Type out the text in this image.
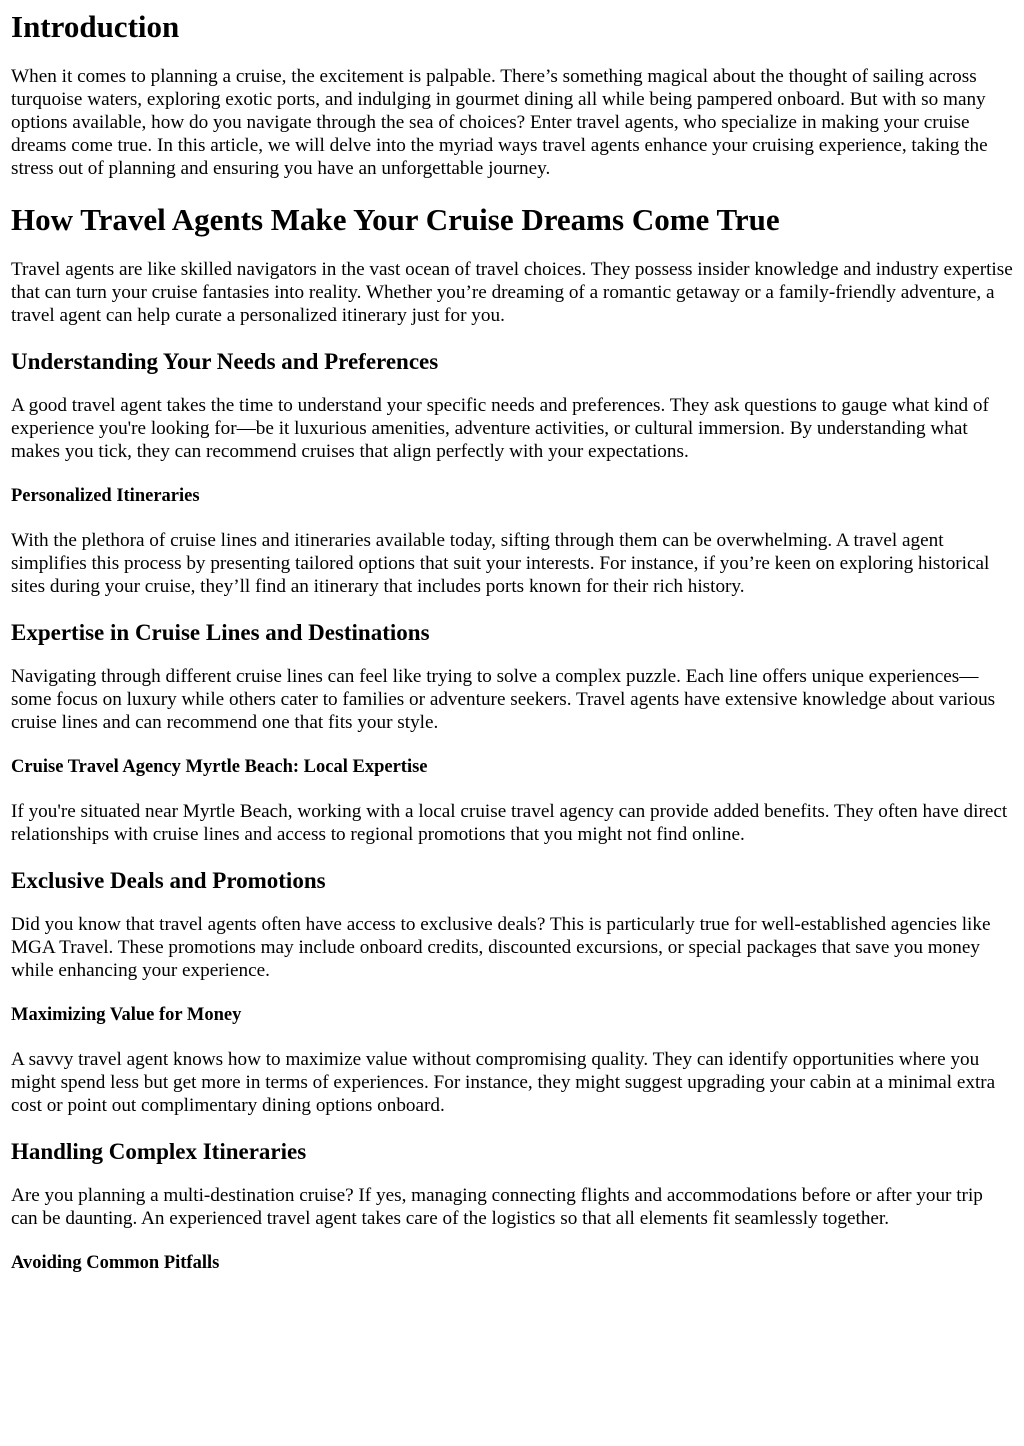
Introduction

When it comes to planning a cruise, the excitement is palpable. There’s something magical about the thought of sailing across turquoise waters, exploring exotic ports, and indulging in gourmet dining all while being pampered onboard. But with so many options available, how do you navigate through the sea of choices? Enter travel agents, who specialize in making your cruise dreams come true. In this article, we will delve into the myriad ways travel agents enhance your cruising experience, taking the stress out of planning and ensuring you have an unforgettable journey.

How Travel Agents Make Your Cruise Dreams Come True

Travel agents are like skilled navigators in the vast ocean of travel choices. They possess insider knowledge and industry expertise that can turn your cruise fantasies into reality. Whether you’re dreaming of a romantic getaway or a family-friendly adventure, a travel agent can help curate a personalized itinerary just for you.

Understanding Your Needs and Preferences

A good travel agent takes the time to understand your specific needs and preferences. They ask questions to gauge what kind of experience you're looking for—be it luxurious amenities, adventure activities, or cultural immersion. By understanding what makes you tick, they can recommend cruises that align perfectly with your expectations.

Personalized Itineraries

With the plethora of cruise lines and itineraries available today, sifting through them can be overwhelming. A travel agent simplifies this process by presenting tailored options that suit your interests. For instance, if you’re keen on exploring historical sites during your cruise, they’ll find an itinerary that includes ports known for their rich history.

Expertise in Cruise Lines and Destinations

Navigating through different cruise lines can feel like trying to solve a complex puzzle. Each line offers unique experiences—some focus on luxury while others cater to families or adventure seekers. Travel agents have extensive knowledge about various cruise lines and can recommend one that fits your style.

Cruise Travel Agency Myrtle Beach: Local Expertise

If you're situated near Myrtle Beach, working with a local cruise travel agency can provide added benefits. They often have direct relationships with cruise lines and access to regional promotions that you might not find online.

Exclusive Deals and Promotions

Did you know that travel agents often have access to exclusive deals? This is particularly true for well-established agencies like MGA Travel. These promotions may include onboard credits, discounted excursions, or special packages that save you money while enhancing your experience.

Maximizing Value for Money

A savvy travel agent knows how to maximize value without compromising quality. They can identify opportunities where you might spend less but get more in terms of experiences. For instance, they might suggest upgrading your cabin at a minimal extra cost or point out complimentary dining options onboard.

Handling Complex Itineraries

Are you planning a multi-destination cruise? If yes, managing connecting flights and accommodations before or after your trip can be daunting. An experienced travel agent takes care of the logistics so that all elements fit seamlessly together.

Avoiding Common Pitfalls
